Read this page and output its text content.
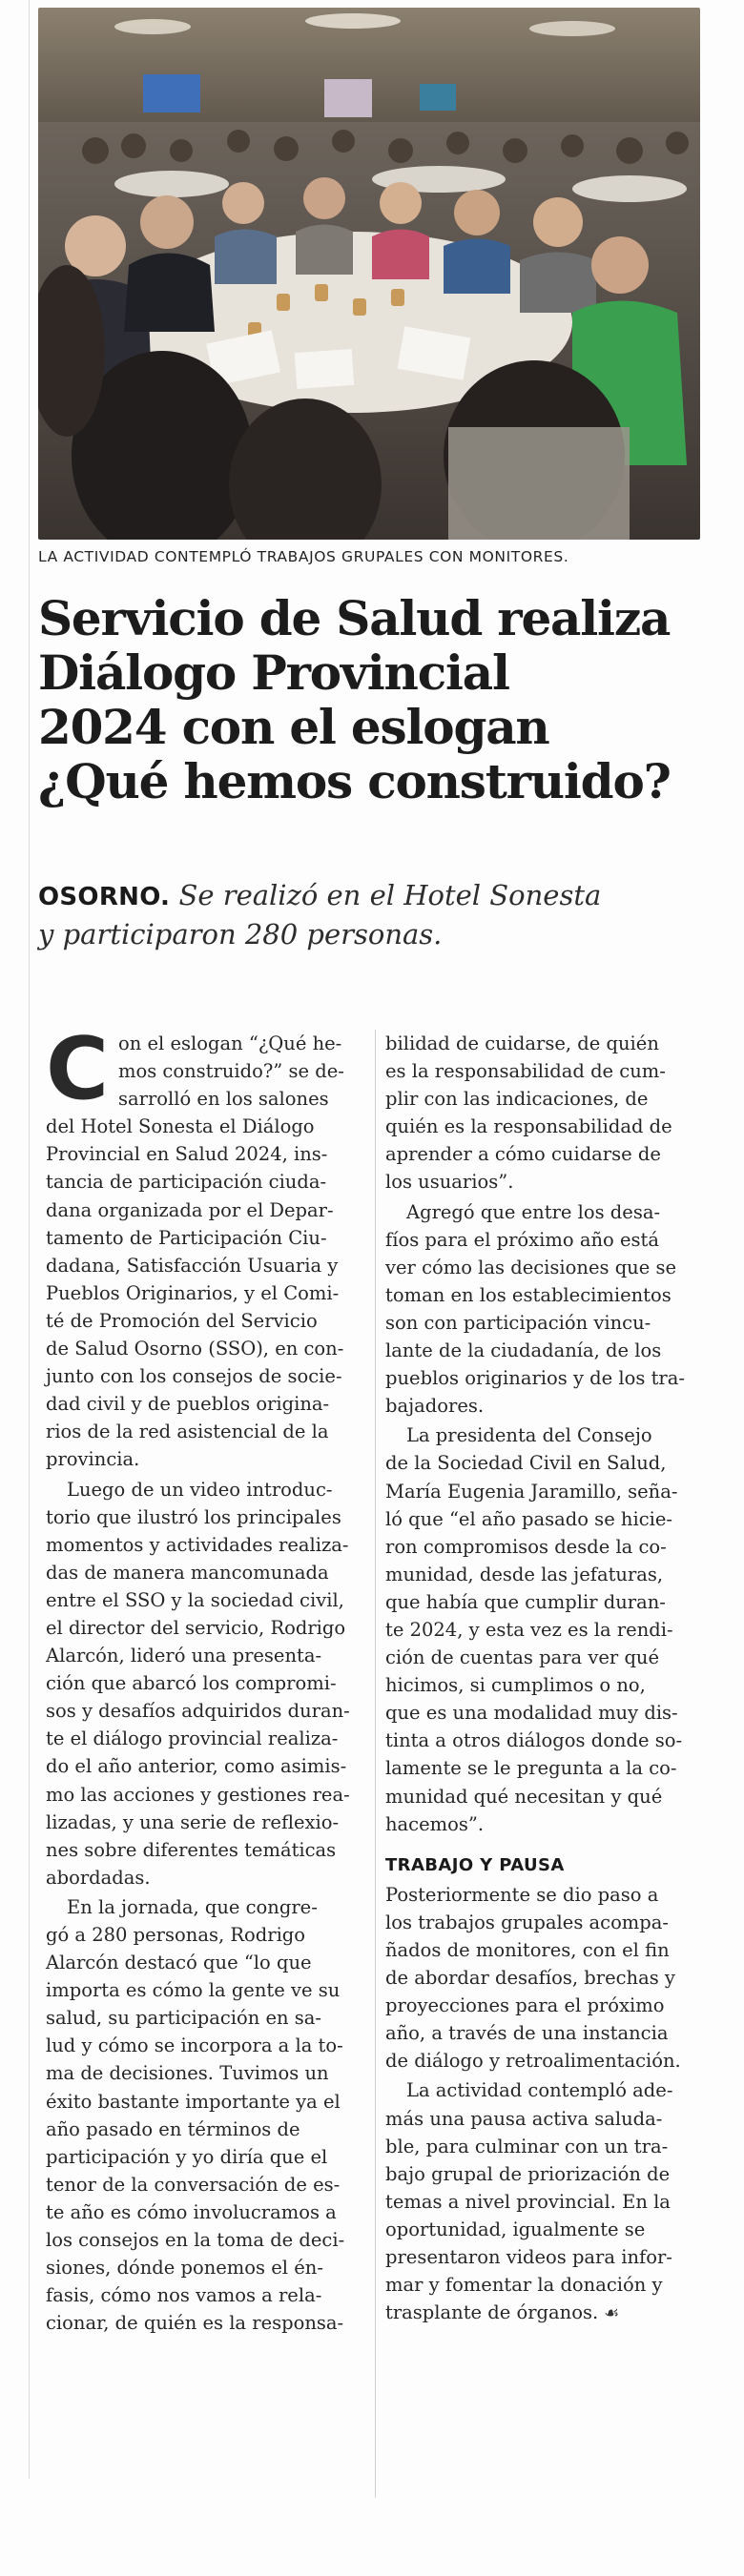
LA ACTIVIDAD CONTEMPLÓ TRABAJOS GRUPALES CON MONITORES.
Servicio de Salud realiza
Diálogo Provincial
2024 con el eslogan
¿Qué hemos construido?
OSORNO. Se realizó en el Hotel Sonesta
y participaron 280 personas.
C on el eslogan “¿Qué he-
mos construido?” se de-
sarrolló en los salones
del Hotel Sonesta el Diálogo
Provincial en Salud 2024, ins-
tancia de participación ciuda-
dana organizada por el Depar-
tamento de Participación Ciu-
dadana, Satisfacción Usuaria y
Pueblos Originarios, y el Comi-
té de Promoción del Servicio
de Salud Osorno (SSO), en con-
junto con los consejos de socie-
dad civil y de pueblos origina-
rios de la red asistencial de la
provincia.
Luego de un video introduc-
torio que ilustró los principales
momentos y actividades realiza-
das de manera mancomunada
entre el SSO y la sociedad civil,
el director del servicio, Rodrigo
Alarcón, lideró una presenta-
ción que abarcó los compromi-
sos y desafíos adquiridos duran-
te el diálogo provincial realiza-
do el año anterior, como asimis-
mo las acciones y gestiones rea-
lizadas, y una serie de reflexio-
nes sobre diferentes temáticas
abordadas.
En la jornada, que congre-
gó a 280 personas, Rodrigo
Alarcón destacó que “lo que
importa es cómo la gente ve su
salud, su participación en sa-
lud y cómo se incorpora a la to-
ma de decisiones. Tuvimos un
éxito bastante importante ya el
año pasado en términos de
participación y yo diría que el
tenor de la conversación de es-
te año es cómo involucramos a
los consejos en la toma de deci-
siones, dónde ponemos el én-
fasis, cómo nos vamos a rela-
cionar, de quién es la responsa-
bilidad de cuidarse, de quién
es la responsabilidad de cum-
plir con las indicaciones, de
quién es la responsabilidad de
aprender a cómo cuidarse de
los usuarios”.
Agregó que entre los desa-
fíos para el próximo año está
ver cómo las decisiones que se
toman en los establecimientos
son con participación vincu-
lante de la ciudadanía, de los
pueblos originarios y de los tra-
bajadores.
La presidenta del Consejo
de la Sociedad Civil en Salud,
María Eugenia Jaramillo, seña-
ló que “el año pasado se hicie-
ron compromisos desde la co-
munidad, desde las jefaturas,
que había que cumplir duran-
te 2024, y esta vez es la rendi-
ción de cuentas para ver qué
hicimos, si cumplimos o no,
que es una modalidad muy dis-
tinta a otros diálogos donde so-
lamente se le pregunta a la co-
munidad qué necesitan y qué
hacemos”.
TRABAJO Y PAUSA
Posteriormente se dio paso a
los trabajos grupales acompa-
ñados de monitores, con el fin
de abordar desafíos, brechas y
proyecciones para el próximo
año, a través de una instancia
de diálogo y retroalimentación.
La actividad contempló ade-
más una pausa activa saluda-
ble, para culminar con un tra-
bajo grupal de priorización de
temas a nivel provincial. En la
oportunidad, igualmente se
presentaron videos para infor-
mar y fomentar la donación y
trasplante de órganos. ☙
